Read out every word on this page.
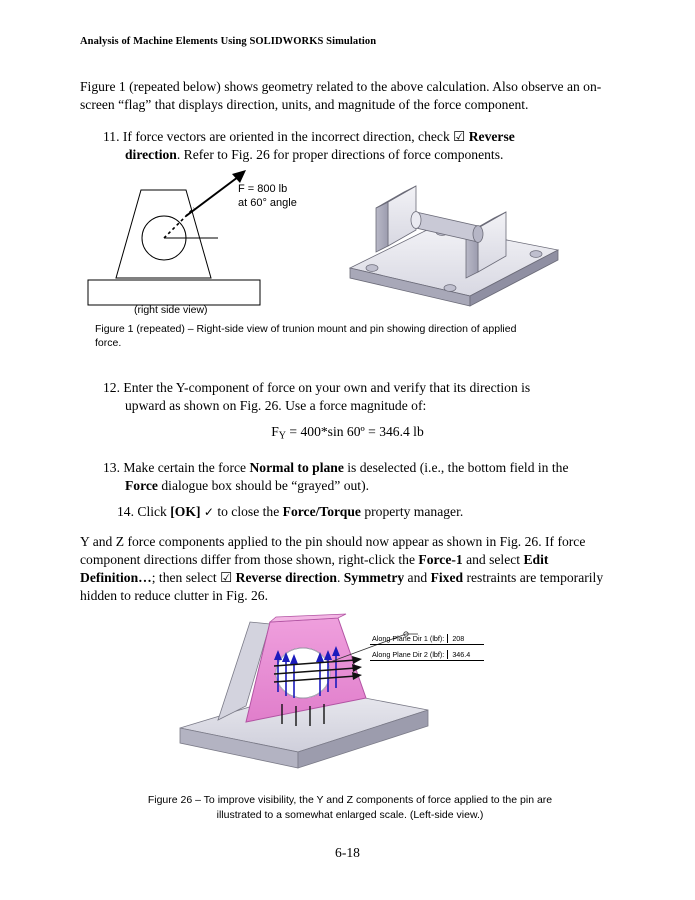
Analysis of Machine Elements Using SOLIDWORKS Simulation
Figure 1 (repeated below) shows geometry related to the above calculation. Also observe an on-screen “flag” that displays direction, units, and magnitude of the force component.
11. If force vectors are oriented in the incorrect direction, check ☑ Reverse direction. Refer to Fig. 26 for proper directions of force components.
F = 800 lb
at 60° angle
(right side view)
Figure 1 (repeated) – Right-side view of trunion mount and pin showing direction of applied force.
12. Enter the Y-component of force on your own and verify that its direction is upward as shown on Fig. 26. Use a force magnitude of:
$F_Y = 400*\sin$ 60º = 346.4 lb
13. Make certain the force Normal to plane is deselected (i.e., the bottom field in the Force dialogue box should be “grayed” out).
14. Click [OK] ✓ to close the Force/Torque property manager.
Y and Z force components applied to the pin should now appear as shown in Fig. 26. If force component directions differ from those shown, right-click the Force-1 and select Edit Definition…; then select ☑ Reverse direction. Symmetry and Fixed restraints are temporarily hidden to reduce clutter in Fig. 26.
Along Plane Dir 1 (lbf): 208
Along Plane Dir 2 (lbf): 346.4
Figure 26 – To improve visibility, the Y and Z components of force applied to the pin are illustrated to a somewhat enlarged scale. (Left-side view.)
6-18
